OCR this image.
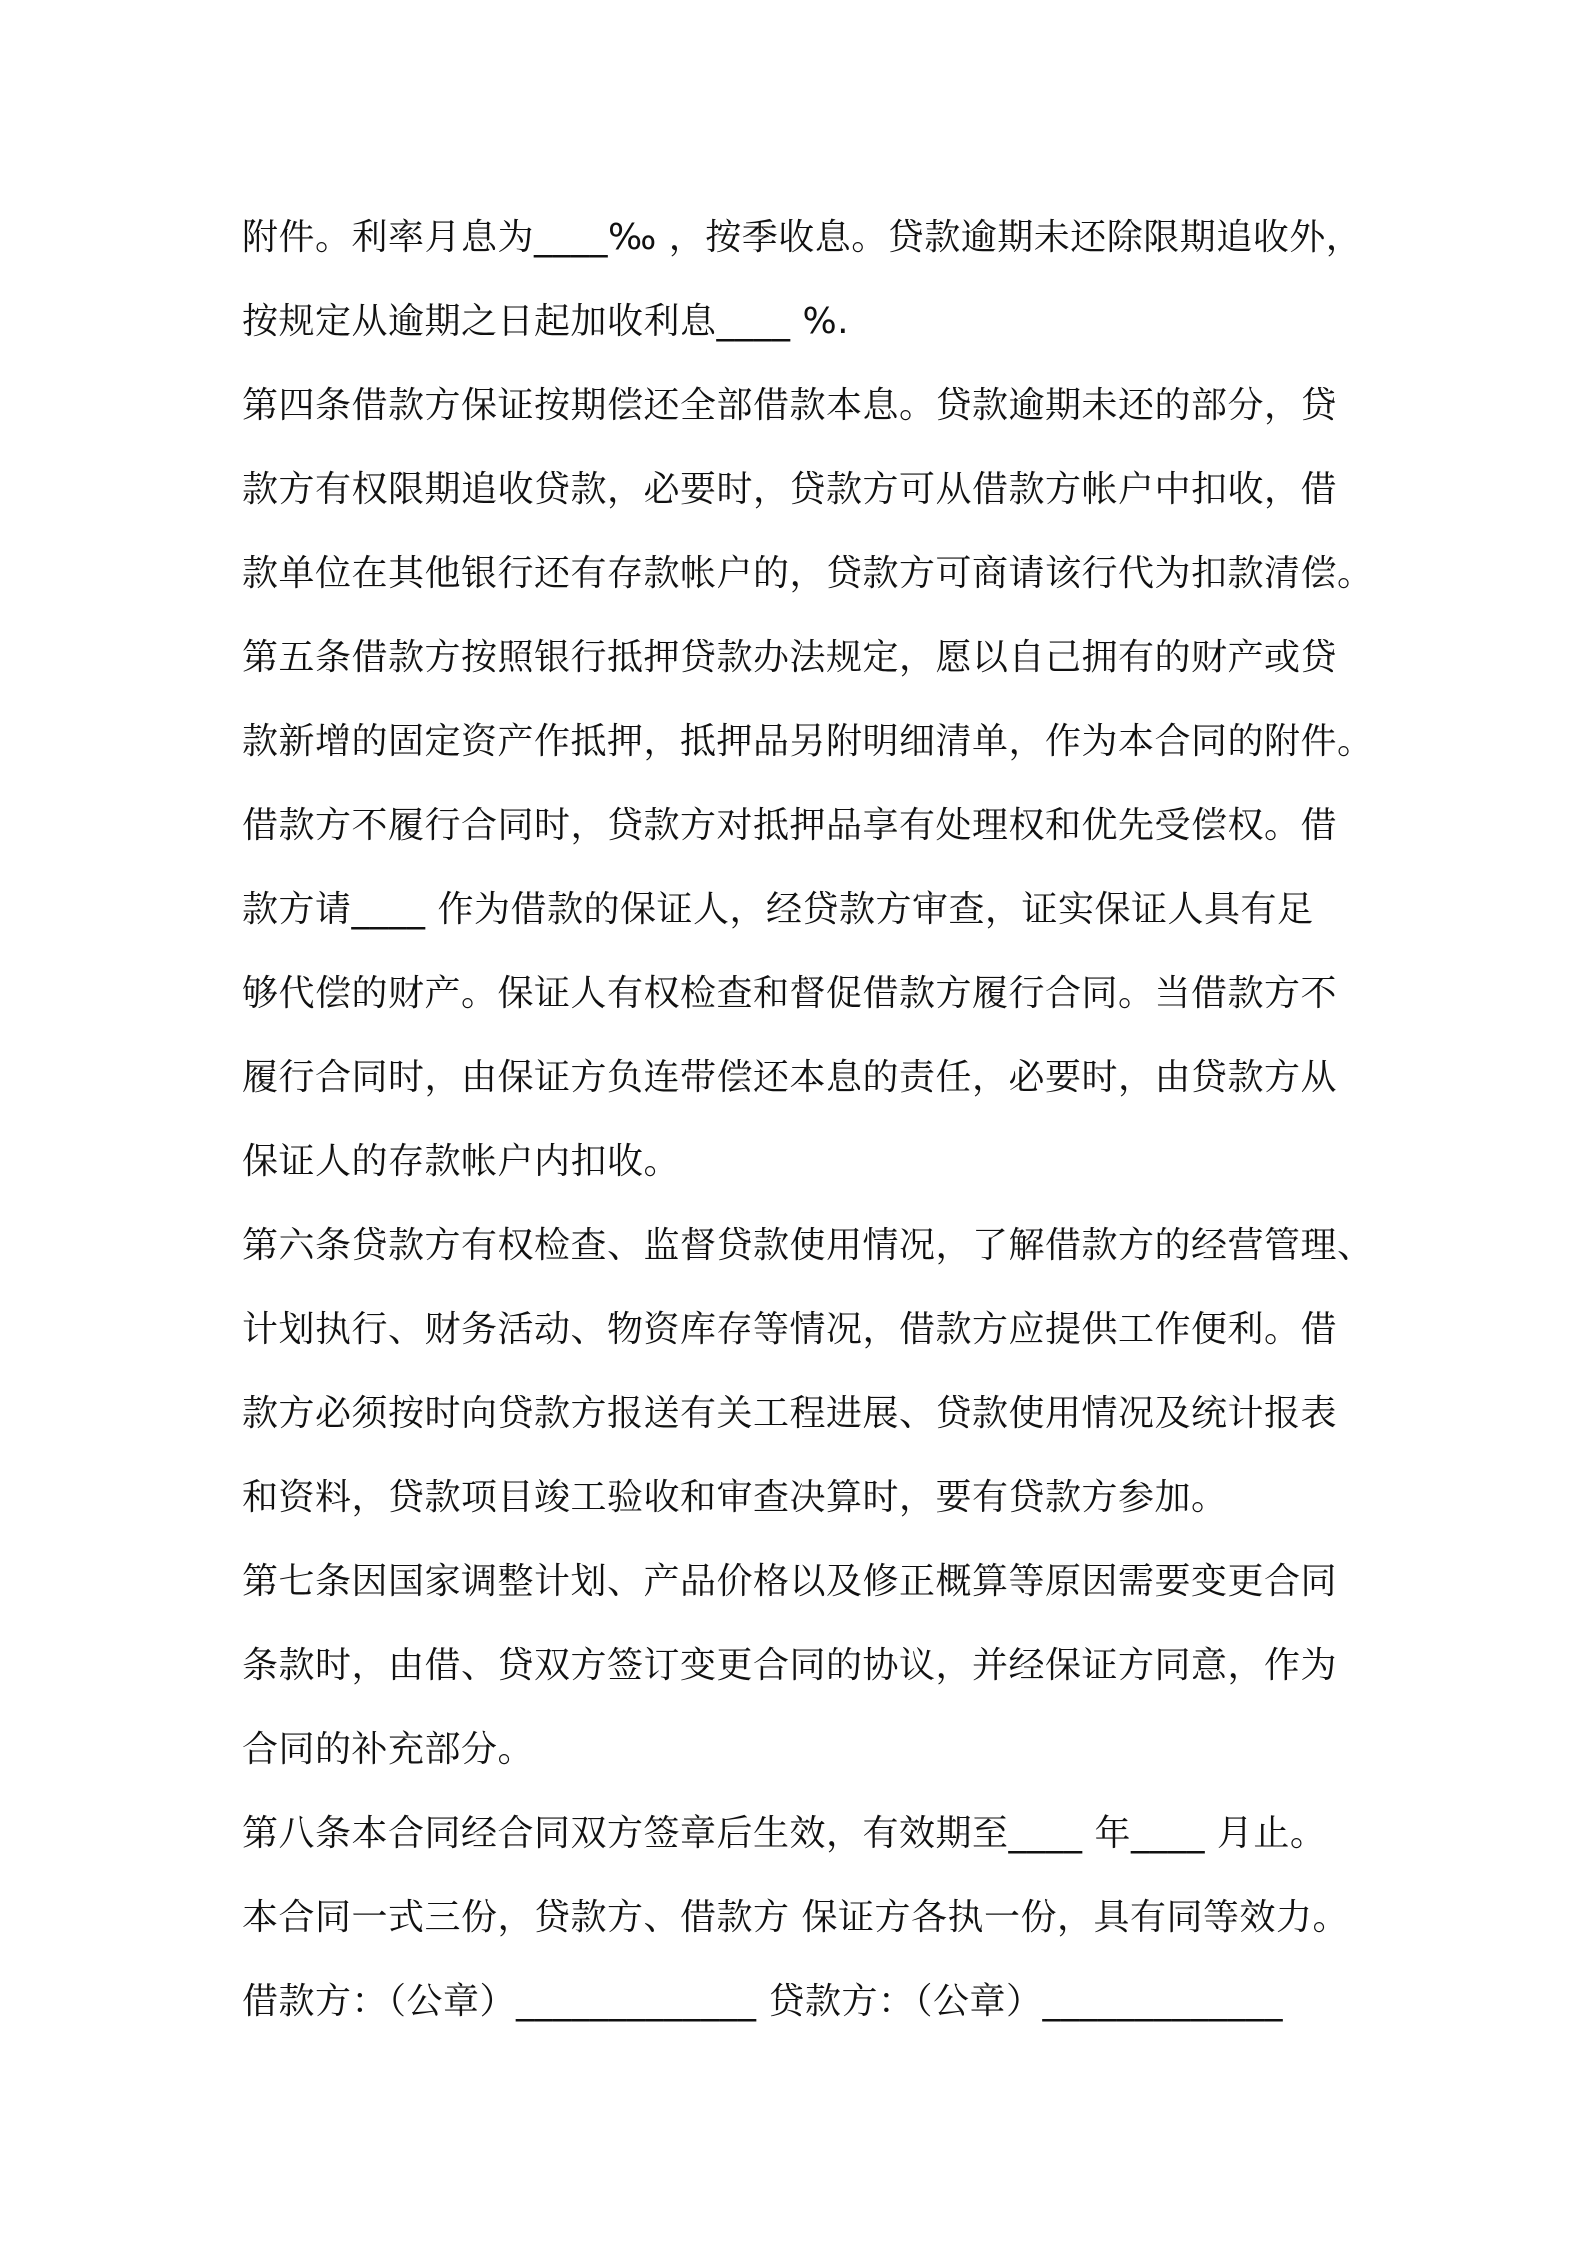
附件。利率月息为____‰ ，按季收息。贷款逾期未还除限期追收外，
按规定从逾期之日起加收利息____ %.
第四条借款方保证按期偿还全部借款本息。贷款逾期未还的部分，贷
款方有权限期追收贷款，必要时，贷款方可从借款方帐户中扣收，借
款单位在其他银行还有存款帐户的，贷款方可商请该行代为扣款清偿。
第五条借款方按照银行抵押贷款办法规定，愿以自己拥有的财产或贷
款新增的固定资产作抵押，抵押品另附明细清单，作为本合同的附件。
借款方不履行合同时，贷款方对抵押品享有处理权和优先受偿权。借
款方请____ 作为借款的保证人，经贷款方审查，证实保证人具有足
够代偿的财产。保证人有权检查和督促借款方履行合同。当借款方不
履行合同时，由保证方负连带偿还本息的责任，必要时，由贷款方从
保证人的存款帐户内扣收。
第六条贷款方有权检查、监督贷款使用情况，了解借款方的经营管理、
计划执行、财务活动、物资库存等情况，借款方应提供工作便利。借
款方必须按时向贷款方报送有关工程进展、贷款使用情况及统计报表
和资料，贷款项目竣工验收和审查决算时，要有贷款方参加。
第七条因国家调整计划、产品价格以及修正概算等原因需要变更合同
条款时，由借、贷双方签订变更合同的协议，并经保证方同意，作为
合同的补充部分。
第八条本合同经合同双方签章后生效，有效期至____ 年____ 月止。
本合同一式三份，贷款方、借款方 保证方各执一份，具有同等效力。
借款方：（公章）_____________ 贷款方：（公章）_____________
